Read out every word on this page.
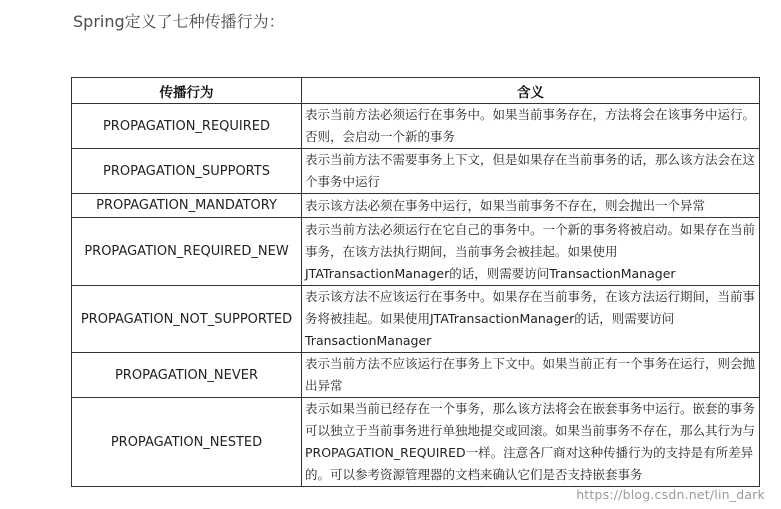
Spring定义了七种传播行为：
传播行为	含义
PROPAGATION_REQUIRED	表示当前方法必须运行在事务中。如果当前事务存在，方法将会在该事务中运行。否则，会启动一个新的事务
PROPAGATION_SUPPORTS	表示当前方法不需要事务上下文，但是如果存在当前事务的话，那么该方法会在这个事务中运行
PROPAGATION_MANDATORY	表示该方法必须在事务中运行，如果当前事务不存在，则会抛出一个异常
PROPAGATION_REQUIRED_NEW	表示当前方法必须运行在它自己的事务中。一个新的事务将被启动。如果存在当前事务，在该方法执行期间，当前事务会被挂起。如果使用JTATransactionManager的话，则需要访问TransactionManager
PROPAGATION_NOT_SUPPORTED	表示该方法不应该运行在事务中。如果存在当前事务，在该方法运行期间，当前事务将被挂起。如果使用JTATransactionManager的话，则需要访问TransactionManager
PROPAGATION_NEVER	表示当前方法不应该运行在事务上下文中。如果当前正有一个事务在运行，则会抛出异常
PROPAGATION_NESTED	表示如果当前已经存在一个事务，那么该方法将会在嵌套事务中运行。嵌套的事务可以独立于当前事务进行单独地提交或回滚。如果当前事务不存在，那么其行为与PROPAGATION_REQUIRED一样。注意各厂商对这种传播行为的支持是有所差异的。可以参考资源管理器的文档来确认它们是否支持嵌套事务
https://blog.csdn.net/lin_dark
